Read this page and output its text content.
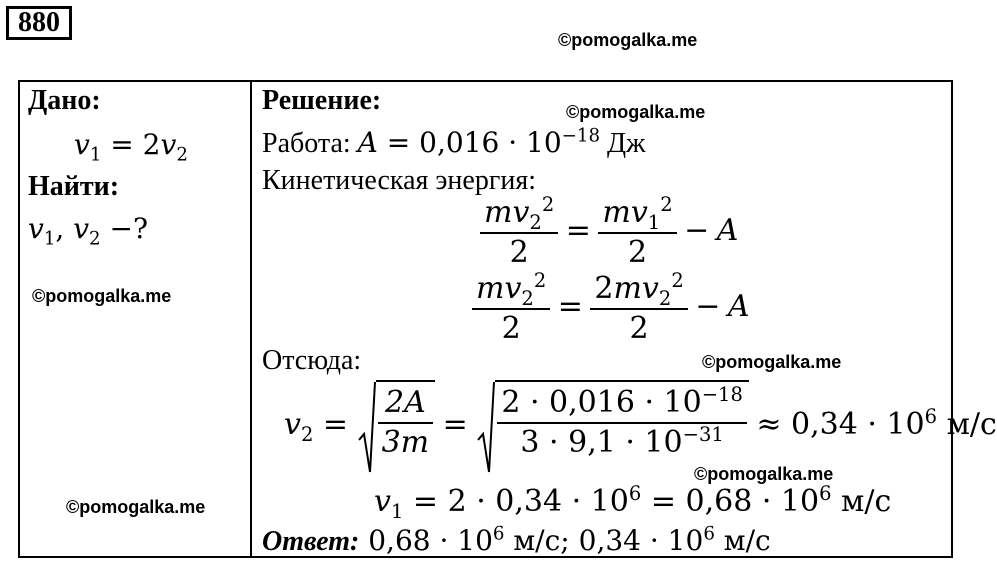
880
©pomogalka.me
Дано:
$v_1 = 2v_2$
Найти:
$v_1$, $v_2$ −?
©pomogalka.me
©pomogalka.me
Решение:	©pomogalka.me
Работа: $A = 0,016 \cdot 10^{-18}$ Дж
Кинетическая энергия:
$\frac{mv_2^2}{2} = \frac{mv_1^2}{2} - A$
$\frac{mv_2^2}{2} = \frac{2mv_2^2}{2} - A$
Отсюда:	©pomogalka.me
$v_2 = \frac{2A}{3m} = \frac{2 \cdot 0,016 \cdot 10^{-18}}{3 \cdot 9,1 \cdot 10^{-31}} \approx 0,34 \cdot 10^6$ м/с
©pomogalka.me
$v_1 = 2 \cdot 0,34 \cdot 10^6 = 0,68 \cdot 10^6$ м/с
Ответ: $0,68 \cdot 10^6$ м/с; $0,34 \cdot 10^6$ м/с
